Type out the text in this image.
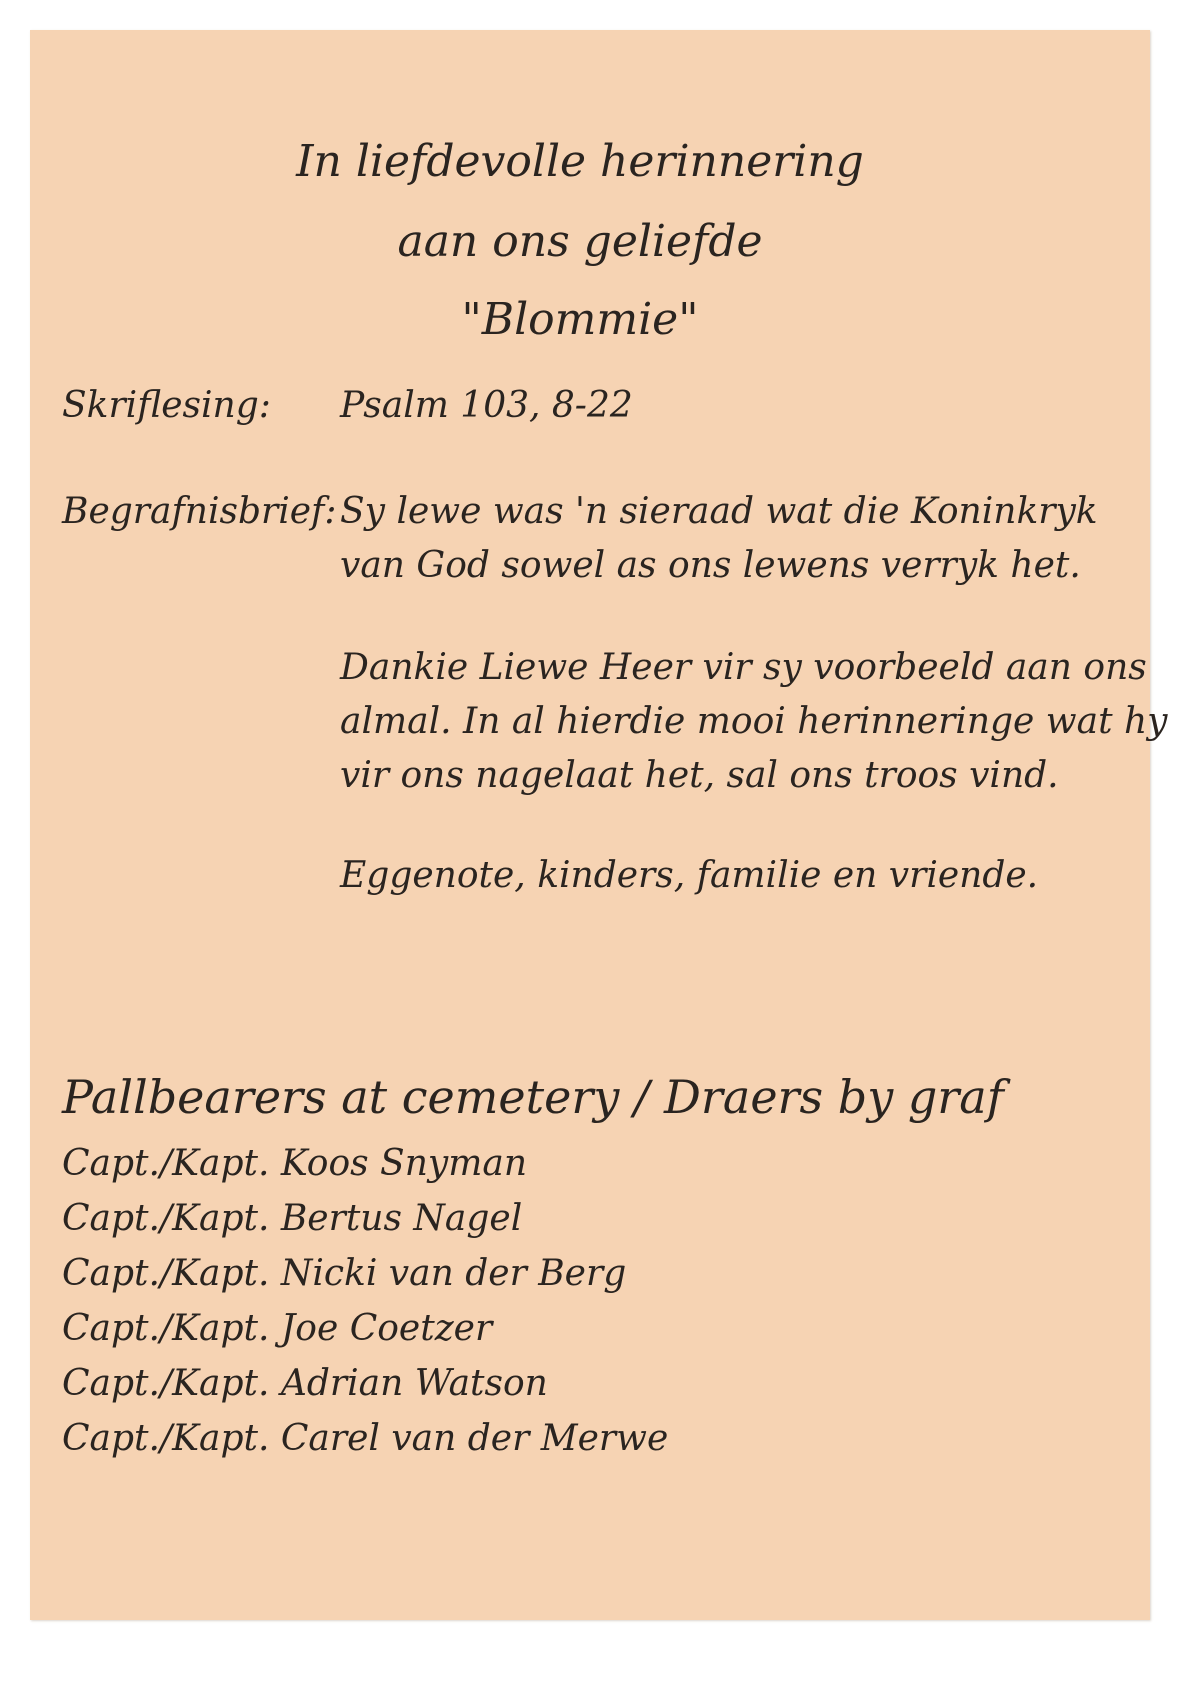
In liefdevolle herinnering
aan ons geliefde
"Blommie"
Skriflesing: Psalm 103, 8-22
Begrafnisbrief: Sy lewe was 'n sieraad wat die Koninkryk
van God sowel as ons lewens verryk het.
Dankie Liewe Heer vir sy voorbeeld aan ons
almal. In al hierdie mooi herinneringe wat hy
vir ons nagelaat het, sal ons troos vind.
Eggenote, kinders, familie en vriende.
Pallbearers at cemetery / Draers by graf
Capt./Kapt. Koos Snyman
Capt./Kapt. Bertus Nagel
Capt./Kapt. Nicki van der Berg
Capt./Kapt. Joe Coetzer
Capt./Kapt. Adrian Watson
Capt./Kapt. Carel van der Merwe
